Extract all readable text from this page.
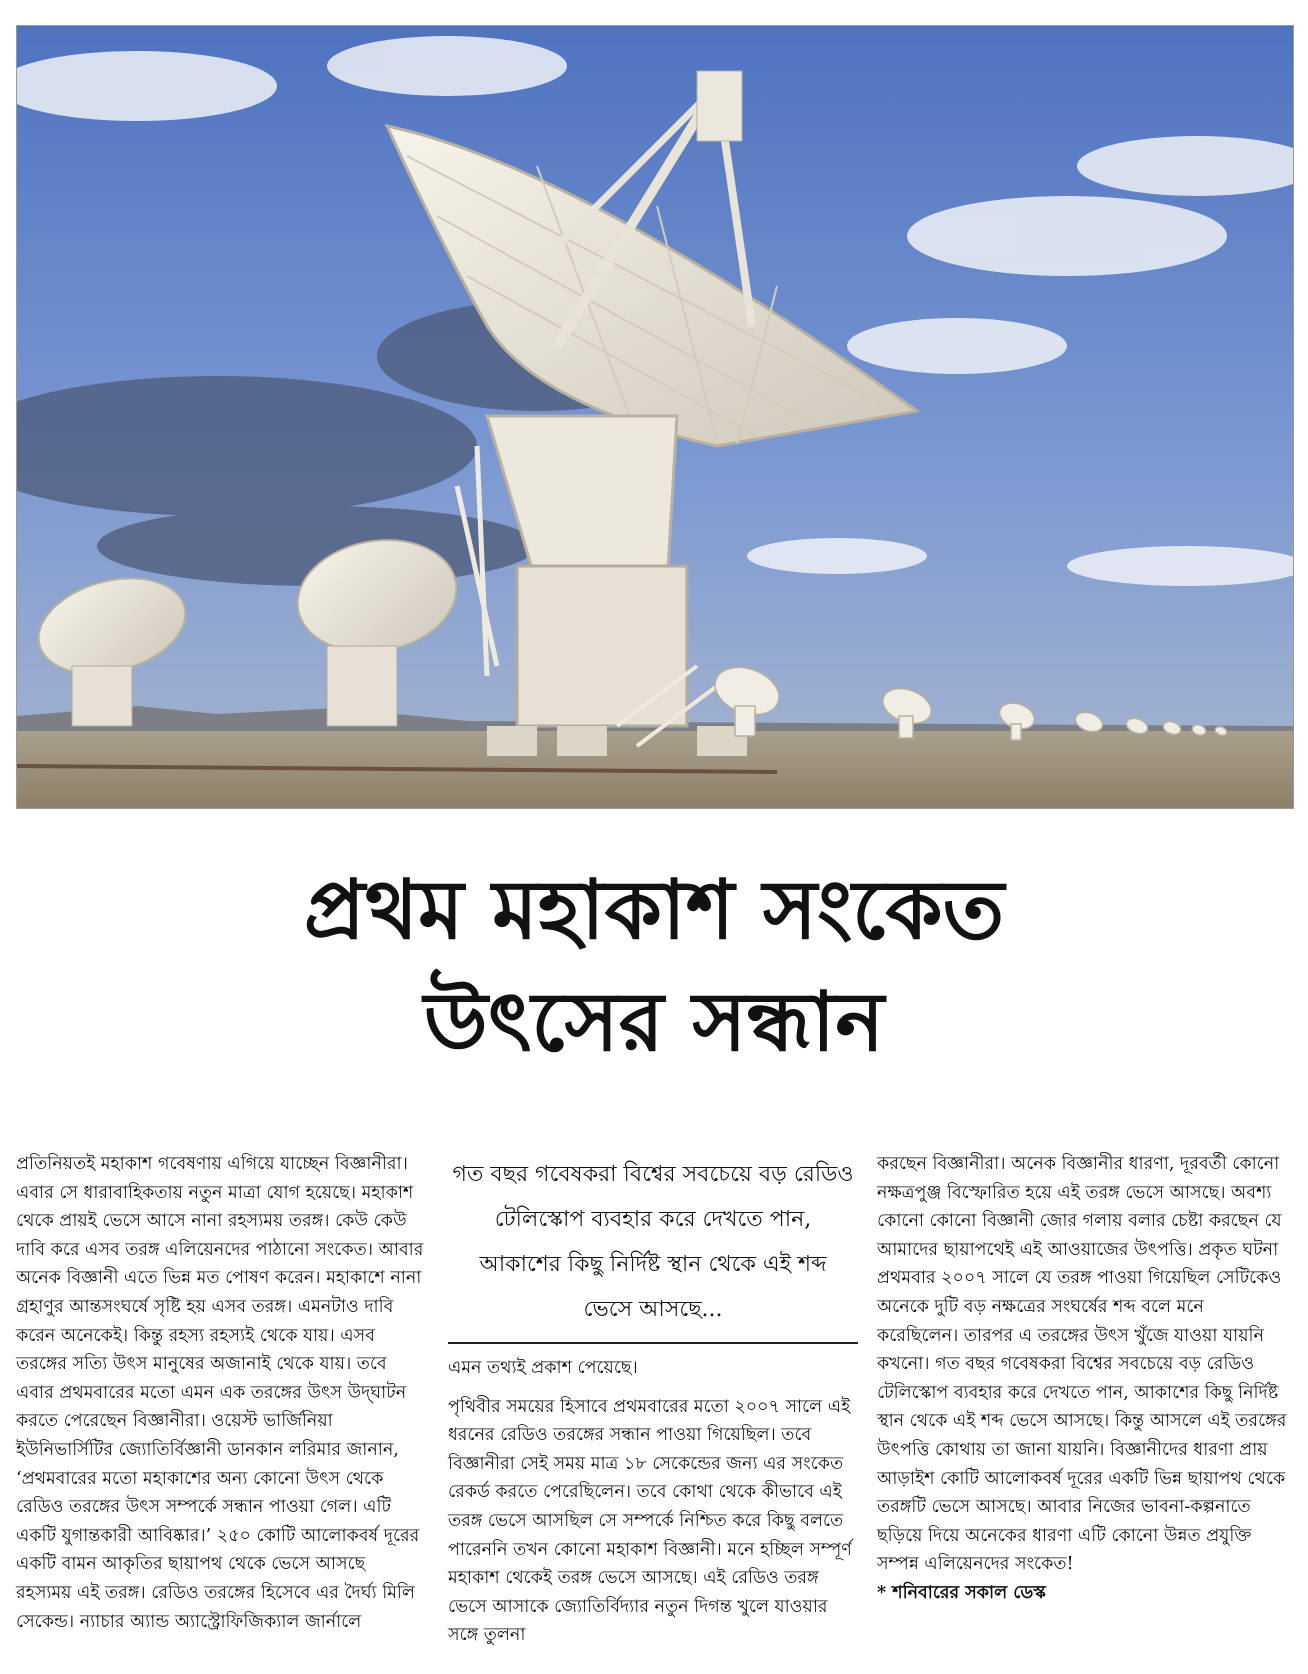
প্রথম মহাকাশ সংকেত
উৎসের সন্ধান

প্রতিনিয়তই মহাকাশ গবেষণায় এগিয়ে যাচ্ছেন বিজ্ঞানীরা। এবার সে ধারাবাহিকতায় নতুন মাত্রা যোগ হয়েছে। মহাকাশ থেকে প্রায়ই ভেসে আসে নানা রহস্যময় তরঙ্গ। কেউ কেউ দাবি করে এসব তরঙ্গ এলিয়েনদের পাঠানো সংকেত। আবার অনেক বিজ্ঞানী এতে ভিন্ন মত পোষণ করেন। মহাকাশে নানা গ্রহাণুর আন্তসংঘর্ষে সৃষ্টি হয় এসব তরঙ্গ। এমনটাও দাবি করেন অনেকেই। কিন্তু রহস্য রহস্যই থেকে যায়। এসব তরঙ্গের সত্যি উৎস মানুষের অজানাই থেকে যায়। তবে এবার প্রথমবারের মতো এমন এক তরঙ্গের উৎস উদ্‌ঘাটন করতে পেরেছেন বিজ্ঞানীরা। ওয়েস্ট ভার্জিনিয়া ইউনিভার্সিটির জ্যোতির্বিজ্ঞানী ডানকান লরিমার জানান, ‘প্রথমবারের মতো মহাকাশের অন্য কোনো উৎস থেকে রেডিও তরঙ্গের উৎস সম্পর্কে সন্ধান পাওয়া গেল। এটি একটি যুগান্তকারী আবিষ্কার।’ ২৫০ কোটি আলোকবর্ষ দূরের একটি বামন আকৃতির ছায়াপথ থেকে ভেসে আসছে রহস্যময় এই তরঙ্গ। রেডিও তরঙ্গের হিসেবে এর দৈর্ঘ্য মিলি সেকেন্ড। ন্যাচার অ্যান্ড অ্যাস্ট্রোফিজিক্যাল জার্নালে

গত বছর গবেষকরা বিশ্বের সবচেয়ে বড় রেডিও টেলিস্কোপ ব্যবহার করে দেখতে পান, আকাশের কিছু নির্দিষ্ট স্থান থেকে এই শব্দ ভেসে আসছে...

এমন তথ্যই প্রকাশ পেয়েছে।

পৃথিবীর সময়ের হিসাবে প্রথমবারের মতো ২০০৭ সালে এই ধরনের রেডিও তরঙ্গের সন্ধান পাওয়া গিয়েছিল। তবে বিজ্ঞানীরা সেই সময় মাত্র ১৮ সেকেন্ডের জন্য এর সংকেত রেকর্ড করতে পেরেছিলেন। তবে কোথা থেকে কীভাবে এই তরঙ্গ ভেসে আসছিল সে সম্পর্কে নিশ্চিত করে কিছু বলতে পারেননি তখন কোনো মহাকাশ বিজ্ঞানী। মনে হচ্ছিল সম্পূর্ণ মহাকাশ থেকেই তরঙ্গ ভেসে আসছে। এই রেডিও তরঙ্গ ভেসে আসাকে জ্যোতির্বিদ্যার নতুন দিগন্ত খুলে যাওয়ার সঙ্গে তুলনা

করছেন বিজ্ঞানীরা। অনেক বিজ্ঞানীর ধারণা, দূরবর্তী কোনো নক্ষত্রপুঞ্জ বিস্ফোরিত হয়ে এই তরঙ্গ ভেসে আসছে। অবশ্য কোনো কোনো বিজ্ঞানী জোর গলায় বলার চেষ্টা করছেন যে আমাদের ছায়াপথেই এই আওয়াজের উৎপত্তি। প্রকৃত ঘটনা প্রথমবার ২০০৭ সালে যে তরঙ্গ পাওয়া গিয়েছিল সেটিকেও অনেকে দুটি বড় নক্ষত্রের সংঘর্ষের শব্দ বলে মনে করেছিলেন। তারপর এ তরঙ্গের উৎস খুঁজে যাওয়া যায়নি কখনো। গত বছর গবেষকরা বিশ্বের সবচেয়ে বড় রেডিও টেলিস্কোপ ব্যবহার করে দেখতে পান, আকাশের কিছু নির্দিষ্ট স্থান থেকে এই শব্দ ভেসে আসছে। কিন্তু আসলে এই তরঙ্গের উৎপত্তি কোথায় তা জানা যায়নি। বিজ্ঞানীদের ধারণা প্রায় আড়াইশ কোটি আলোকবর্ষ দূরের একটি ভিন্ন ছায়াপথ থেকে তরঙ্গটি ভেসে আসছে। আবার নিজের ভাবনা-কল্পনাতে ছড়িয়ে দিয়ে অনেকের ধারণা এটি কোনো উন্নত প্রযুক্তি সম্পন্ন এলিয়েনদের সংকেত!

* শনিবারের সকাল ডেস্ক
